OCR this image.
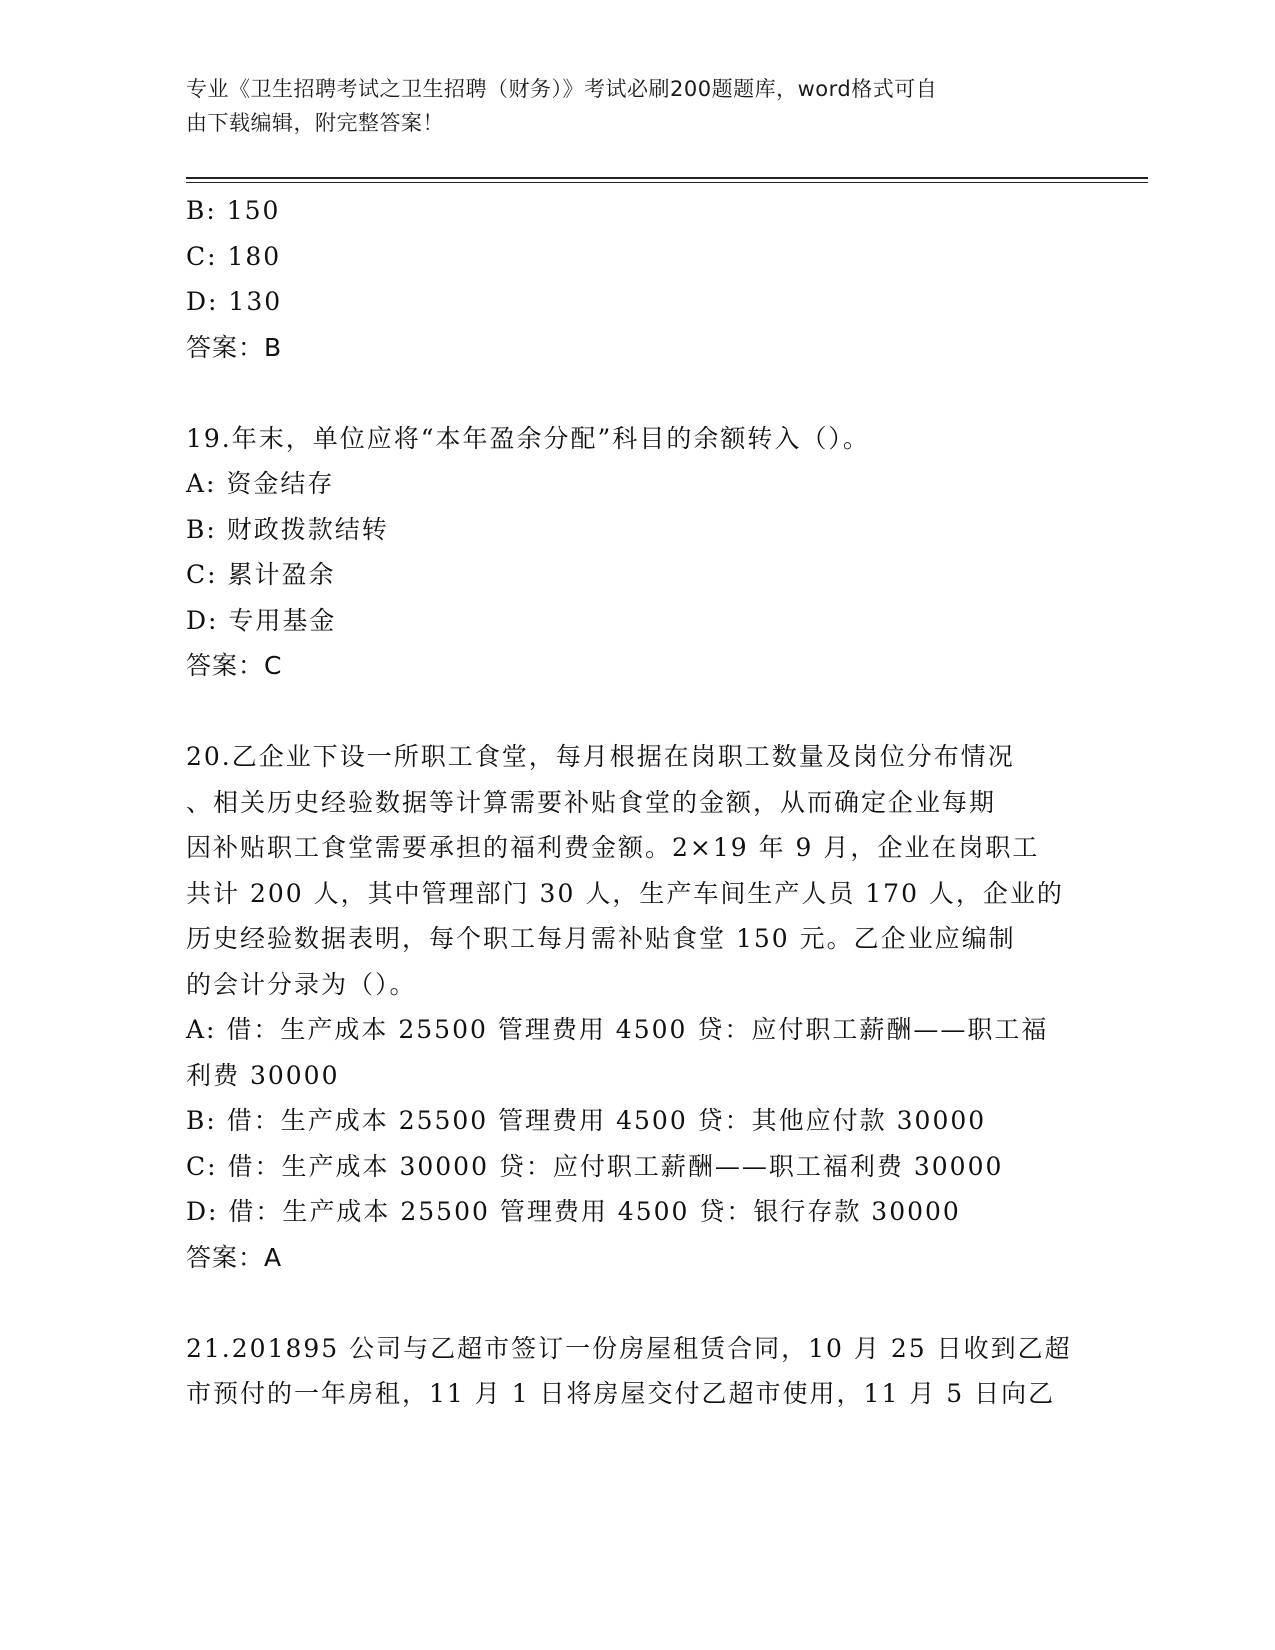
专业《卫生招聘考试之卫生招聘（财务）》考试必刷200题题库，word格式可自
由下载编辑，附完整答案！
B: 150
C: 180
D: 130
答案：B
19.年末，单位应将“本年盈余分配”科目的余额转入（）。
A: 资金结存
B: 财政拨款结转
C: 累计盈余
D: 专用基金
答案：C
20.乙企业下设一所职工食堂，每月根据在岗职工数量及岗位分布情况
、相关历史经验数据等计算需要补贴食堂的金额，从而确定企业每期
因补贴职工食堂需要承担的福利费金额。2×19 年 9 月，企业在岗职工
共计 200 人，其中管理部门 30 人，生产车间生产人员 170 人，企业的
历史经验数据表明，每个职工每月需补贴食堂 150 元。乙企业应编制
的会计分录为（）。
A: 借：生产成本 25500 管理费用 4500 贷：应付职工薪酬——职工福
利费 30000
B: 借：生产成本 25500 管理费用 4500 贷：其他应付款 30000
C: 借：生产成本 30000 贷：应付职工薪酬——职工福利费 30000
D: 借：生产成本 25500 管理费用 4500 贷：银行存款 30000
答案：A
21.201895 公司与乙超市签订一份房屋租赁合同，10 月 25 日收到乙超
市预付的一年房租，11 月 1 日将房屋交付乙超市使用，11 月 5 日向乙
